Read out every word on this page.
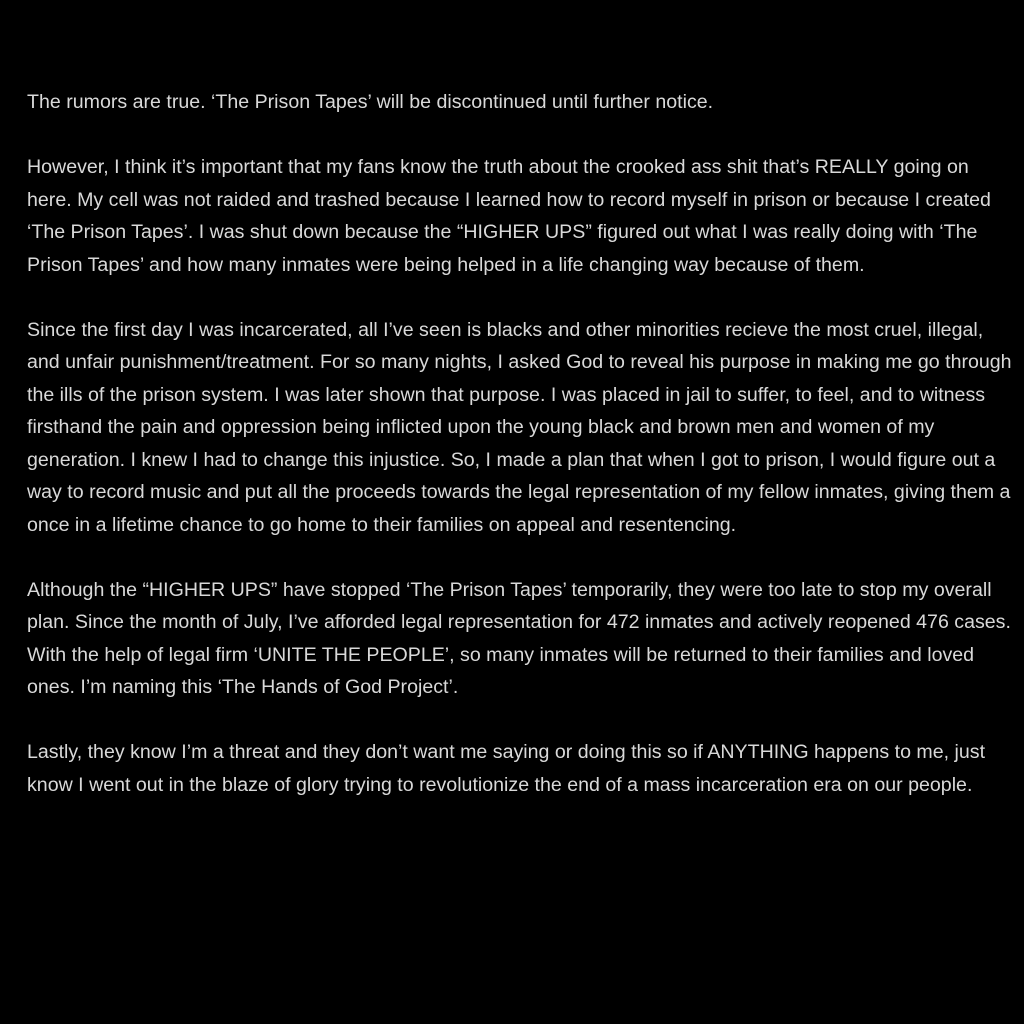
The rumors are true. ‘The Prison Tapes’ will be discontinued until further notice.

However, I think it’s important that my fans know the truth about the crooked ass shit that’s REALLY going on here. My cell was not raided and trashed because I learned how to record myself in prison or because I created ‘The Prison Tapes’. I was shut down because the “HIGHER UPS” figured out what I was really doing with ‘The Prison Tapes’ and how many inmates were being helped in a life changing way because of them.

Since the first day I was incarcerated, all I’ve seen is blacks and other minorities recieve the most cruel, illegal, and unfair punishment/treatment. For so many nights, I asked God to reveal his purpose in making me go through the ills of the prison system. I was later shown that purpose. I was placed in jail to suffer, to feel, and to witness firsthand the pain and oppression being inflicted upon the young black and brown men and women of my generation. I knew I had to change this injustice. So, I made a plan that when I got to prison, I would figure out a way to record music and put all the proceeds towards the legal representation of my fellow inmates, giving them a once in a lifetime chance to go home to their families on appeal and resentencing.

Although the “HIGHER UPS” have stopped ‘The Prison Tapes’ temporarily, they were too late to stop my overall plan. Since the month of July, I’ve afforded legal representation for 472 inmates and actively reopened 476 cases. With the help of legal firm ‘UNITE THE PEOPLE’, so many inmates will be returned to their families and loved ones. I’m naming this ‘The Hands of God Project’.

Lastly, they know I’m a threat and they don’t want me saying or doing this so if ANYTHING happens to me, just know I went out in the blaze of glory trying to revolutionize the end of a mass incarceration era on our people.
